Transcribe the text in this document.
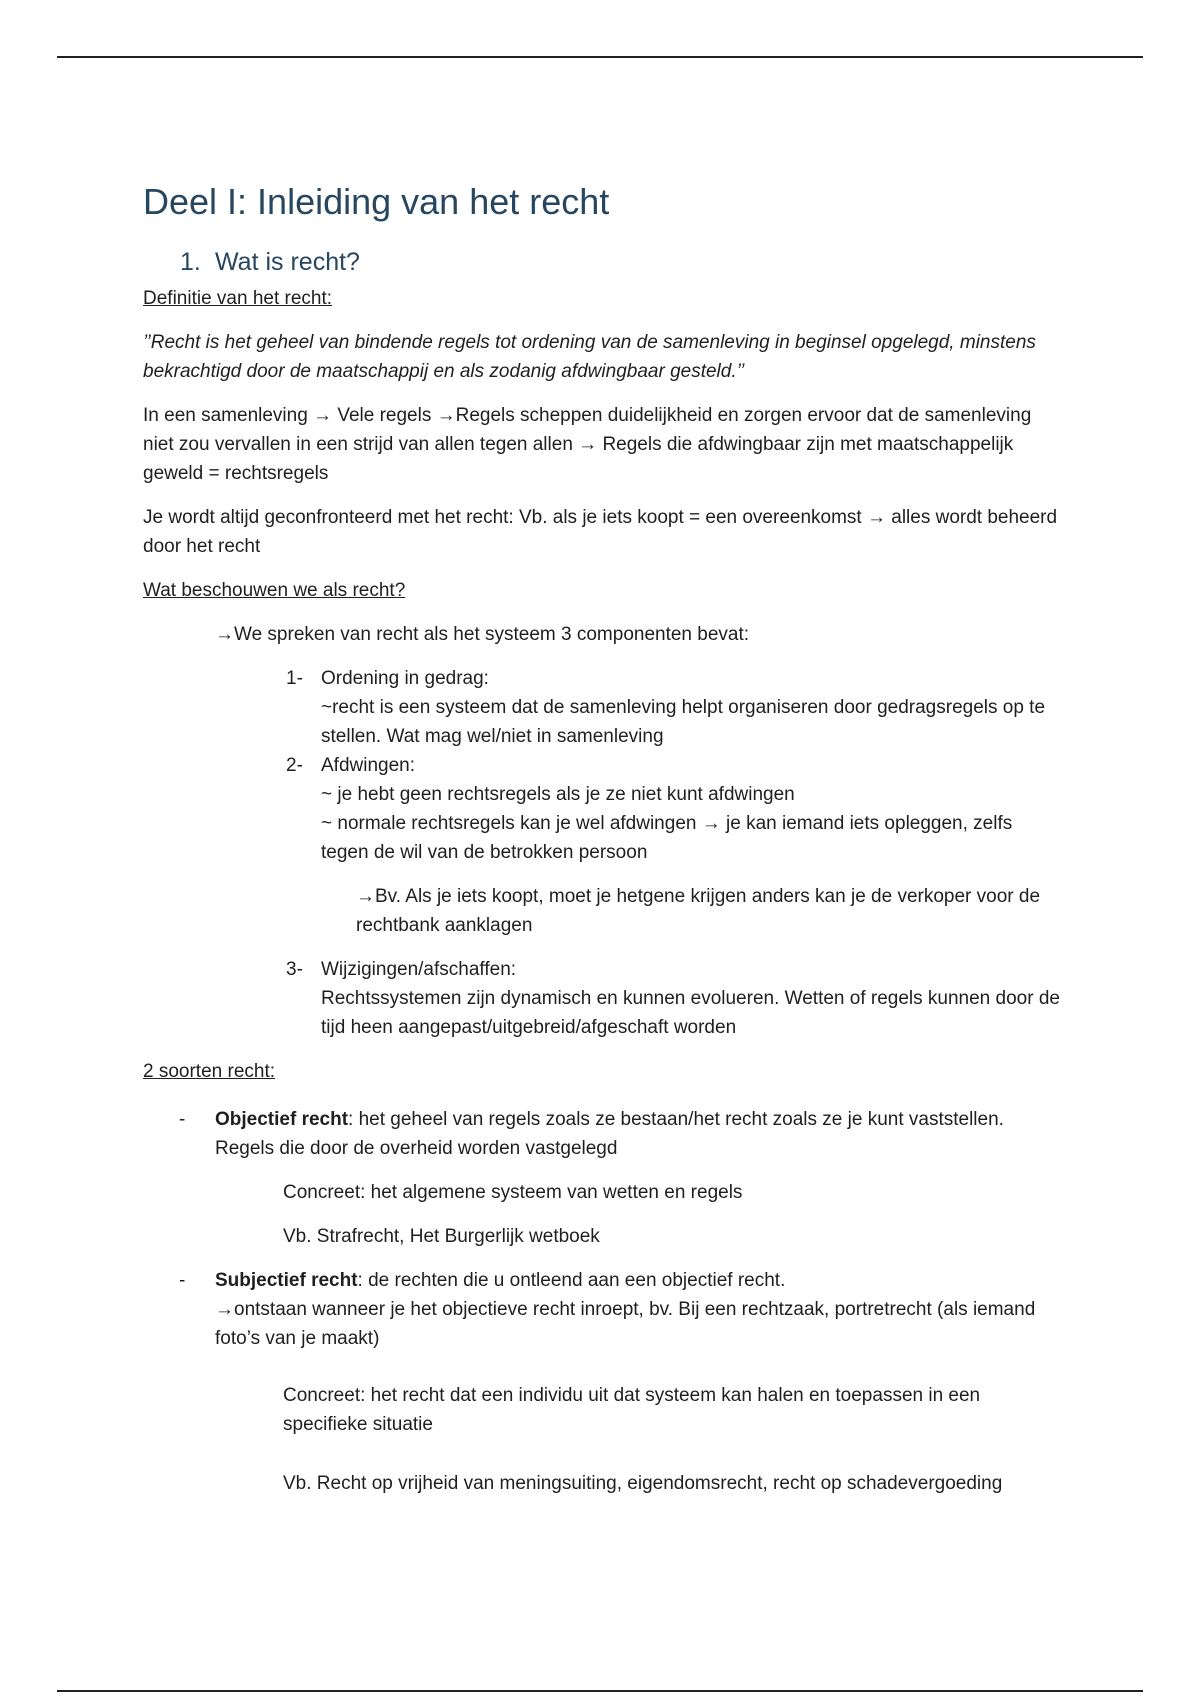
Deel I: Inleiding van het recht
1. Wat is recht?

Definitie van het recht:

’’Recht is het geheel van bindende regels tot ordening van de samenleving in beginsel opgelegd, minstens bekrachtigd door de maatschappij en als zodanig afdwingbaar gesteld.’’

In een samenleving → Vele regels →Regels scheppen duidelijkheid en zorgen ervoor dat de samenleving niet zou vervallen in een strijd van allen tegen allen → Regels die afdwingbaar zijn met maatschappelijk geweld = rechtsregels

Je wordt altijd geconfronteerd met het recht: Vb. als je iets koopt = een overeenkomst → alles wordt beheerd door het recht

Wat beschouwen we als recht?

→We spreken van recht als het systeem 3 componenten bevat:

1- Ordening in gedrag:
~recht is een systeem dat de samenleving helpt organiseren door gedragsregels op te stellen. Wat mag wel/niet in samenleving
2- Afdwingen:
~ je hebt geen rechtsregels als je ze niet kunt afdwingen
~ normale rechtsregels kan je wel afdwingen → je kan iemand iets opleggen, zelfs tegen de wil van de betrokken persoon

→Bv. Als je iets koopt, moet je hetgene krijgen anders kan je de verkoper voor de rechtbank aanklagen

3- Wijzigingen/afschaffen:
Rechtssystemen zijn dynamisch en kunnen evolueren. Wetten of regels kunnen door de tijd heen aangepast/uitgebreid/afgeschaft worden

2 soorten recht:

- Objectief recht: het geheel van regels zoals ze bestaan/het recht zoals ze je kunt vaststellen. Regels die door de overheid worden vastgelegd

Concreet: het algemene systeem van wetten en regels

Vb. Strafrecht, Het Burgerlijk wetboek

- Subjectief recht: de rechten die u ontleend aan een objectief recht.
→ontstaan wanneer je het objectieve recht inroept, bv. Bij een rechtzaak, portretrecht (als iemand foto’s van je maakt)

Concreet: het recht dat een individu uit dat systeem kan halen en toepassen in een specifieke situatie

Vb. Recht op vrijheid van meningsuiting, eigendomsrecht, recht op schadevergoeding
